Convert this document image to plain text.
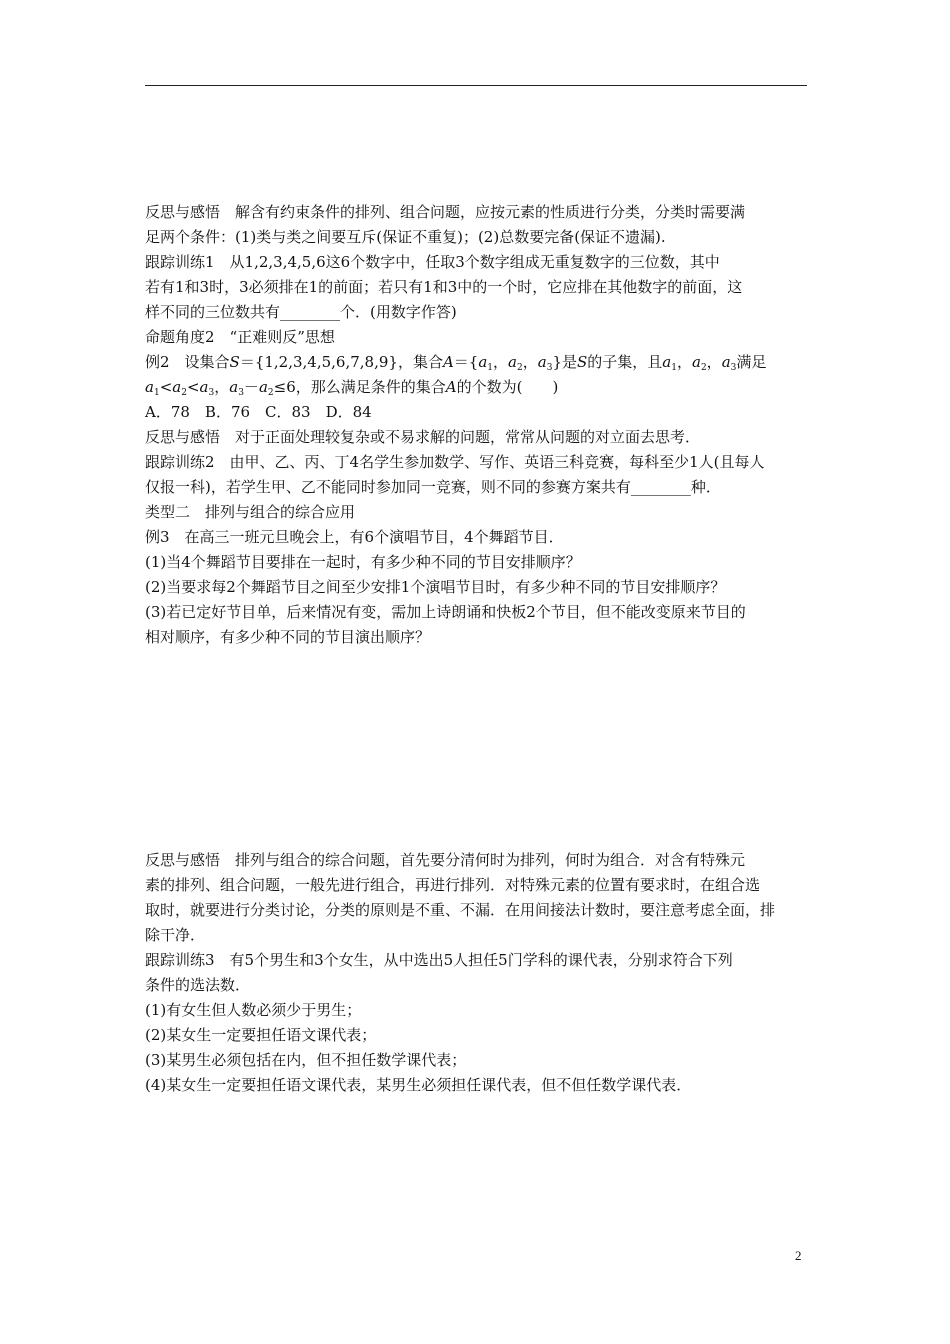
反思与感悟　解含有约束条件的排列、组合问题，应按元素的性质进行分类，分类时需要满

足两个条件：(1)类与类之间要互斥(保证不重复)；(2)总数要完备(保证不遗漏).

跟踪训练1　从1,2,3,4,5,6这6个数字中，任取3个数字组成无重复数字的三位数，其中

若有1和3时，3必须排在1的前面；若只有1和3中的一个时，它应排在其他数字的前面，这

样不同的三位数共有________个．(用数字作答)

命题角度2　“正难则反”思想

例2　设集合S＝{1,2,3,4,5,6,7,8,9}，集合$A=\{a_1$，$a_2$，$a_3$}是S的子集，且$a_1$，$a_2$，$a_3$满足

$a_1<a_2<a_3$，$a_3-a_2\le 6$，那么满足条件的集合A的个数为(　　)

A．78　B．76　C．83　D．84

反思与感悟　对于正面处理较复杂或不易求解的问题，常常从问题的对立面去思考．

跟踪训练2　由甲、乙、丙、丁4名学生参加数学、写作、英语三科竞赛，每科至少1人(且每人

仅报一科)，若学生甲、乙不能同时参加同一竞赛，则不同的参赛方案共有________种．

类型二　排列与组合的综合应用

例3　在高三一班元旦晚会上，有6个演唱节目，4个舞蹈节目．

(1)当4个舞蹈节目要排在一起时，有多少种不同的节目安排顺序？

(2)当要求每2个舞蹈节目之间至少安排1个演唱节目时，有多少种不同的节目安排顺序？

(3)若已定好节目单，后来情况有变，需加上诗朗诵和快板2个节目，但不能改变原来节目的

相对顺序，有多少种不同的节目演出顺序？

反思与感悟　排列与组合的综合问题，首先要分清何时为排列，何时为组合．对含有特殊元

素的排列、组合问题，一般先进行组合，再进行排列．对特殊元素的位置有要求时，在组合选

取时，就要进行分类讨论，分类的原则是不重、不漏．在用间接法计数时，要注意考虑全面，排

除干净．

跟踪训练3　有5个男生和3个女生，从中选出5人担任5门学科的课代表，分别求符合下列

条件的选法数．

(1)有女生但人数必须少于男生；

(2)某女生一定要担任语文课代表；

(3)某男生必须包括在内，但不担任数学课代表；

(4)某女生一定要担任语文课代表，某男生必须担任课代表，但不但任数学课代表．

2
